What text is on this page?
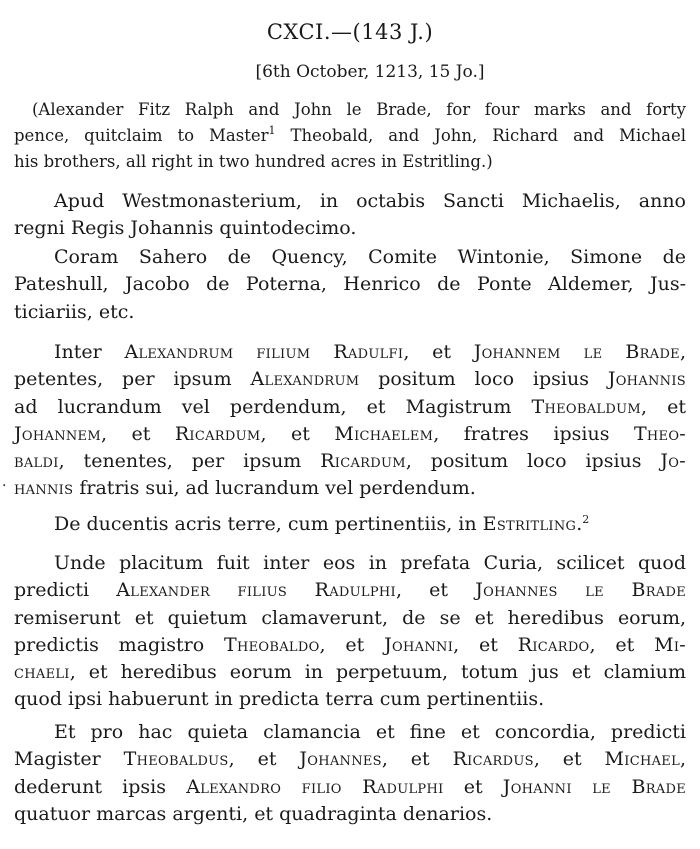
CXCI.—(143 J.)
[6th October, 1213, 15 Jo.]
(Alexander Fitz Ralph and John le Brade, for four marks and forty
pence, quitclaim to Master$^1$ Theobald, and John, Richard and Michael
his brothers, all right in two hundred acres in Estritling.)
Apud Westmonasterium, in octabis Sancti Michaelis, anno
regni Regis Johannis quintodecimo.
Coram Sahero de Quency, Comite Wintonie, Simone de
Pateshull, Jacobo de Poterna, Henrico de Ponte Aldemer, Jus-
ticiariis, etc.
Inter Alexandrum filium Radulfi, et Johannem le Brade,
petentes, per ipsum Alexandrum positum loco ipsius Johannis
ad lucrandum vel perdendum, et Magistrum Theobaldum, et
Johannem, et Ricardum, et Michaelem, fratres ipsius Theo-
baldi, tenentes, per ipsum Ricardum, positum loco ipsius Jo-
hannis fratris sui, ad lucrandum vel perdendum.
·
De ducentis acris terre, cum pertinentiis, in Estritling.$^2$
Unde placitum fuit inter eos in prefata Curia, scilicet quod
predicti Alexander filius Radulphi, et Johannes le Brade
remiserunt et quietum clamaverunt, de se et heredibus eorum,
predictis magistro Theobaldo, et Johanni, et Ricardo, et Mi-
chaeli, et heredibus eorum in perpetuum, totum jus et clamium
quod ipsi habuerunt in predicta terra cum pertinentiis.
Et pro hac quieta clamancia et fine et concordia, predicti
Magister Theobaldus, et Johannes, et Ricardus, et Michael,
dederunt ipsis Alexandro filio Radulphi et Johanni le Brade
quatuor marcas argenti, et quadraginta denarios.
